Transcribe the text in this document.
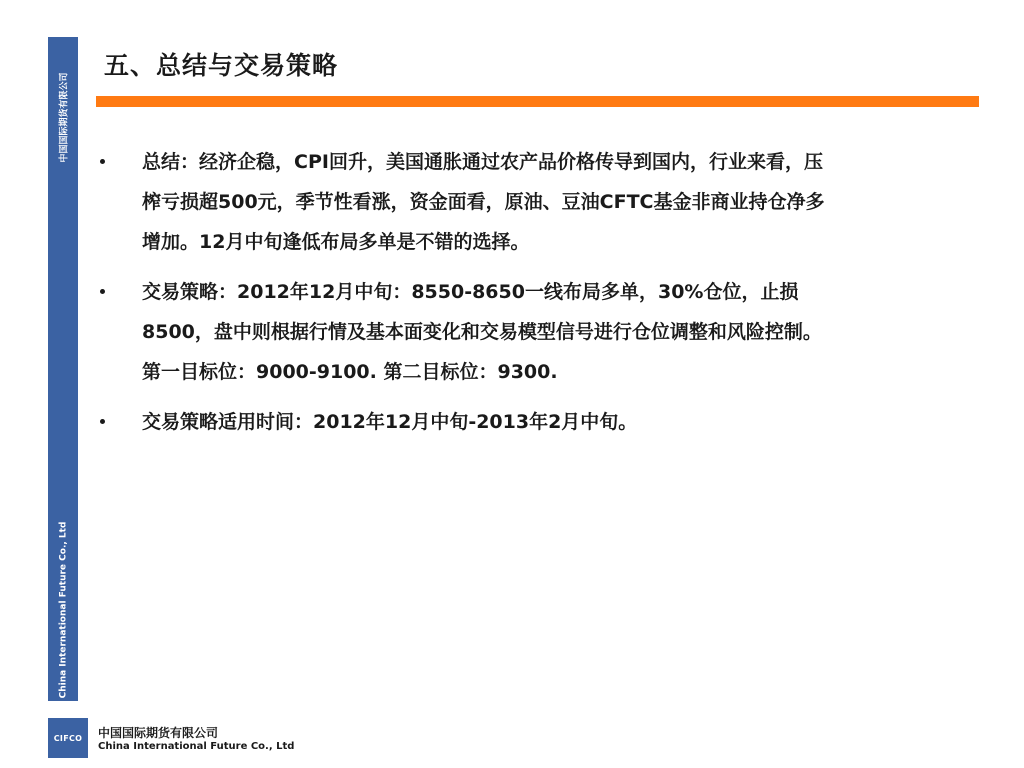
中国国际期货有限公司
China International Future Co., Ltd
五、总结与交易策略
总结：经济企稳，CPI回升，美国通胀通过农产品价格传导到国内，行业来看，压
榨亏损超500元，季节性看涨，资金面看，原油、豆油CFTC基金非商业持仓净多
增加。12月中旬逢低布局多单是不错的选择。
交易策略：2012年12月中旬：8550-8650一线布局多单，30%仓位，止损
8500，盘中则根据行情及基本面变化和交易模型信号进行仓位调整和风险控制。
第一目标位：9000-9100. 第二目标位：9300.
交易策略适用时间：2012年12月中旬-2013年2月中旬。
CIFCO	中国国际期货有限公司
China International Future Co., Ltd
